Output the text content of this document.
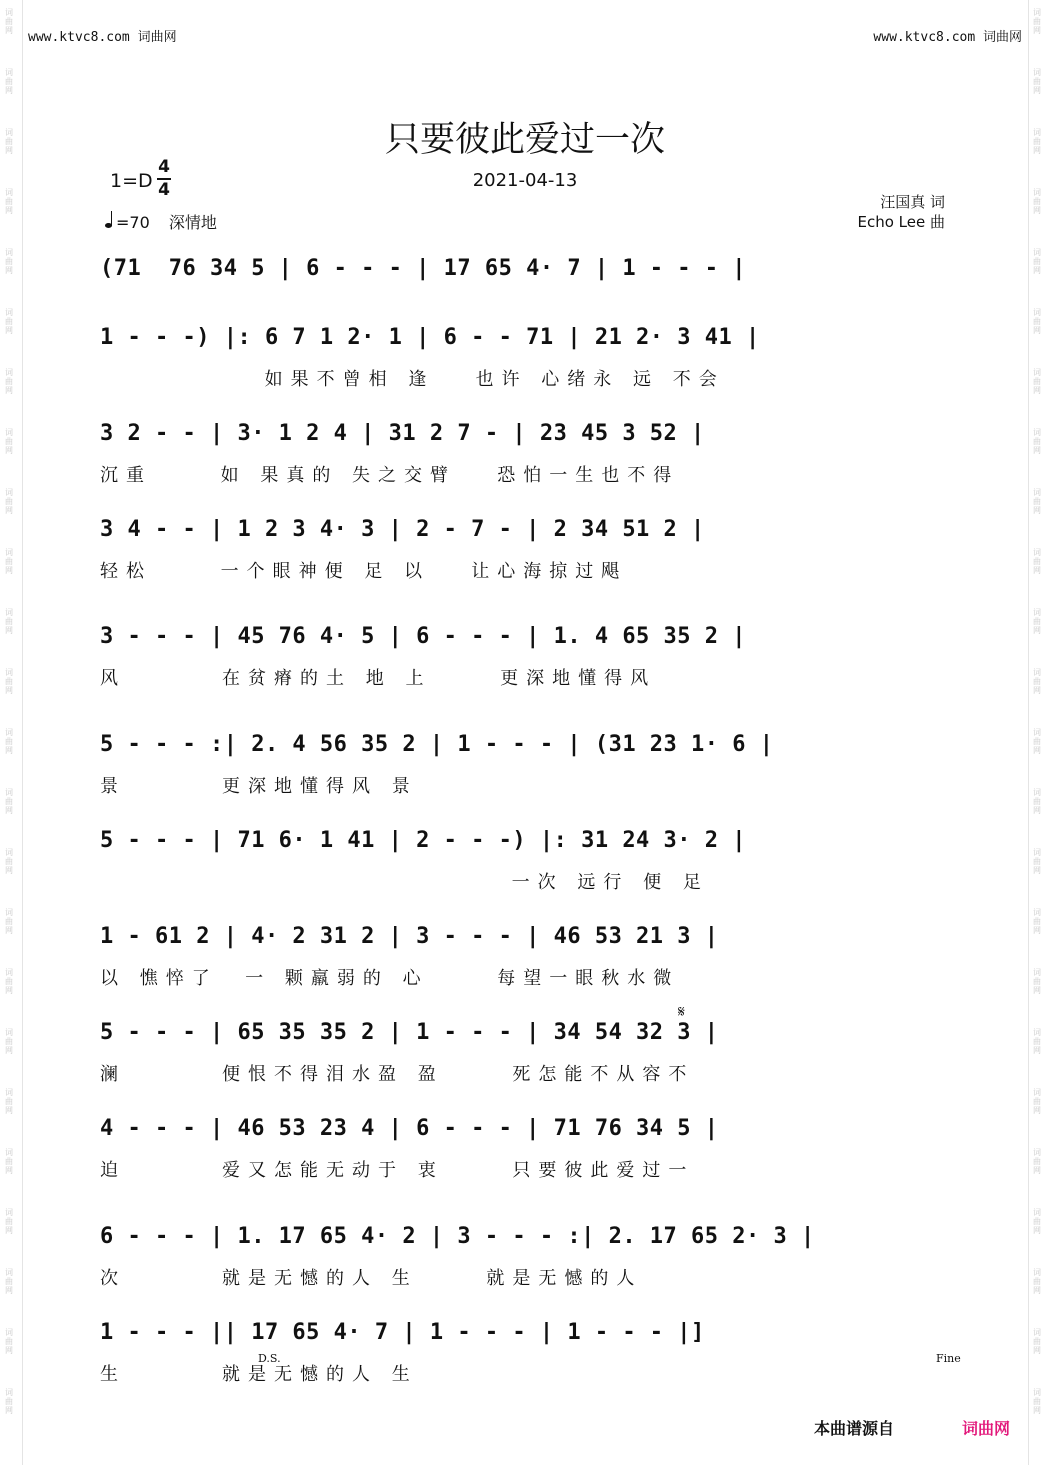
词曲网
词曲网
词曲网
词曲网
词曲网
词曲网
词曲网
词曲网
词曲网
词曲网
词曲网
词曲网
词曲网
词曲网
词曲网
词曲网
词曲网
词曲网
词曲网
词曲网
词曲网
词曲网
词曲网
词曲网
词曲网
词曲网
词曲网
词曲网
词曲网
词曲网
词曲网
词曲网
词曲网
词曲网
词曲网
词曲网
词曲网
词曲网
词曲网
词曲网
词曲网
词曲网
词曲网
词曲网
词曲网
词曲网
词曲网
词曲网
www.ktvc8.com 词曲网	www.ktvc8.com 词曲网
只要彼此爱过一次
1=D
4
4	2021-04-13
=70 深情地
汪国真 词
Echo Lee 曲
(71  76 34 5 | 6 - - - | 17 65 4· 7 | 1 - - - |
1 - - -) |: 6 7 1 2· 1 | 6 - - 71 | 21 2· 3 41 |
如果不曾相 逢   也许 心绪永 远 不会
3 2 - - | 3· 1 2 4 | 31 2 7 - | 23 45 3 52 |
沉重     如 果真的 失之交臂   恐怕一生也不得
3 4 - - | 1 2 3 4· 3 | 2 - 7 - | 2 34 51 2 |
轻松     一个眼神便 足 以   让心海掠过飓
3 - - - | 45 76 4· 5 | 6 - - - | 1. 4 65 35 2 |
风       在贫瘠的土 地 上     更深地懂得风
5 - - - :| 2. 4 56 35 2 | 1 - - - | (31 23 1· 6 |
景       更深地懂得风 景
5 - - - | 71 6· 1 41 | 2 - - -) |: 31 24 3· 2 |
一次 远行 便 足
1 - 61 2 | 4· 2 31 2 | 3 - - - | 46 53 21 3 |
以 憔悴了  一 颗羸弱的 心     每望一眼秋水微
5 - - - | 65 35 35 2 | 1 - - - | 34 54 32 3 |
澜       便恨不得泪水盈 盈     死怎能不从容不
4 - - - | 46 53 23 4 | 6 - - - | 71 76 34 5 |
迫       爱又怎能无动于 衷     只要彼此爱过一
6 - - - | 1. 17 65 4· 2 | 3 - - - :| 2. 17 65 2· 3 |
次       就是无憾的人 生     就是无憾的人
1 - - - || 17 65 4· 7 | 1 - - - | 1 - - - |]
生       就是无憾的人 生
D.S.	Fine
𝄋
本曲谱源自	词曲网
